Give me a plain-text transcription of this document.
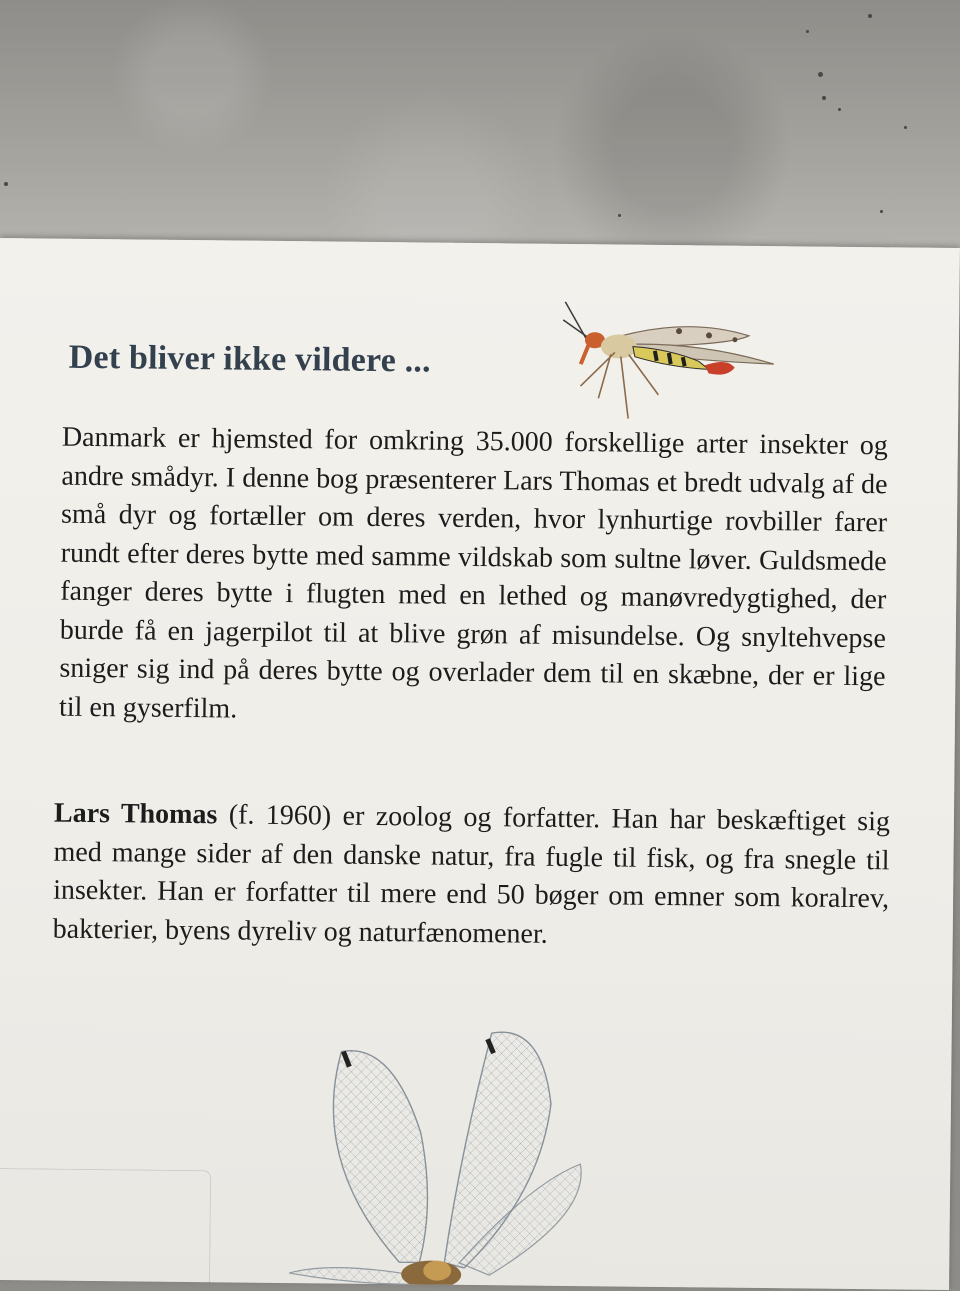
Det bliver ikke vildere ...

Danmark er hjemsted for omkring 35.000 forskellige arter insekter og andre smådyr. I denne bog præsenterer Lars Thomas et bredt udvalg af de små dyr og fortæller om deres verden, hvor lynhurtige rovbiller farer rundt efter deres bytte med samme vildskab som sultne løver. Guldsmede fanger deres bytte i flugten med en lethed og manøvredygtighed, der burde få en jagerpilot til at blive grøn af misundelse. Og snyltehvepse sniger sig ind på deres bytte og overlader dem til en skæbne, der er lige til en gyserfilm.

Lars Thomas (f. 1960) er zoolog og forfatter. Han har beskæftiget sig med mange sider af den danske natur, fra fugle til fisk, og fra snegle til insekter. Han er forfatter til mere end 50 bøger om emner som koralrev, bakterier, byens dyreliv og naturfænomener.
